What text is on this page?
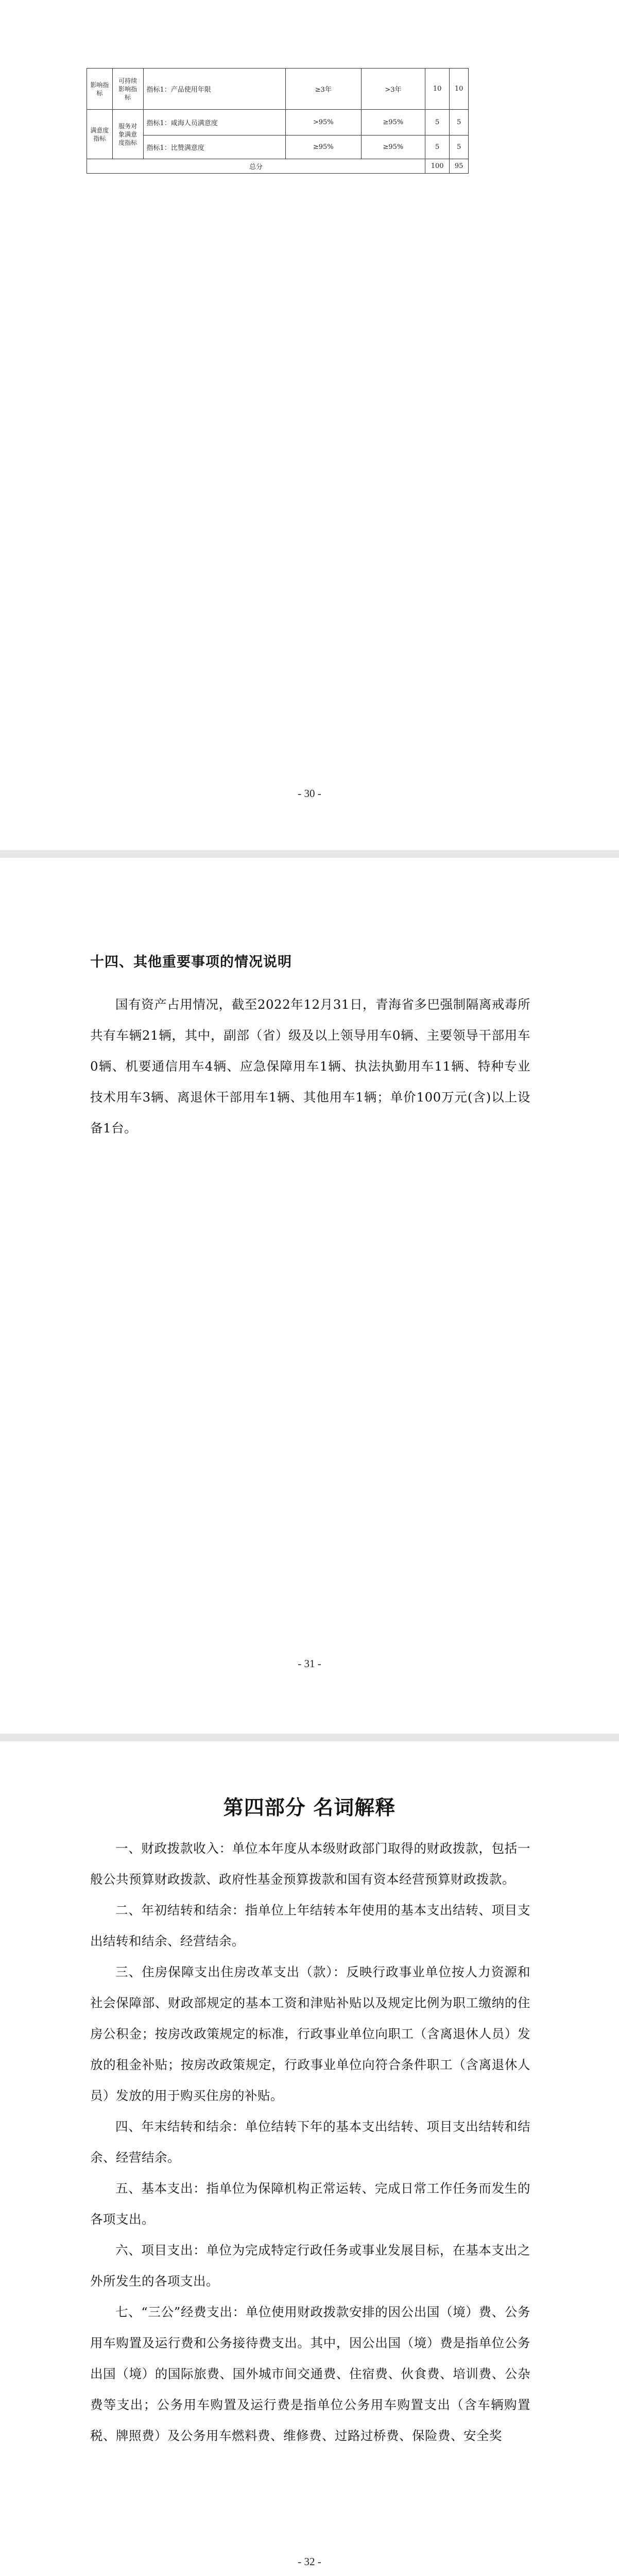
影响指标	可持续影响指标	指标1：产品使用年限	≥3年	>3年	10	10
满意度指标	服务对象满意度指标	指标1：咸海人员满意度	>95%	≥95%	5	5
		指标1：比赞满意度	≥95%	≥95%	5	5
总分					100	95
- 30 -
十四、其他重要事项的情况说明

国有资产占用情况，截至2022年12月31日，青海省多巴强制隔离戒毒所共有车辆21辆，其中，副部（省）级及以上领导用车0辆、主要领导干部用车0辆、机要通信用车4辆、应急保障用车1辆、执法执勤用车11辆、特种专业技术用车3辆、离退休干部用车1辆、其他用车1辆；单价100万元(含)以上设备1台。

- 31 -
第四部分 名词解释

一、财政拨款收入：单位本年度从本级财政部门取得的财政拨款，包括一般公共预算财政拨款、政府性基金预算拨款和国有资本经营预算财政拨款。

二、年初结转和结余：指单位上年结转本年使用的基本支出结转、项目支出结转和结余、经营结余。

三、住房保障支出住房改革支出（款）：反映行政事业单位按人力资源和社会保障部、财政部规定的基本工资和津贴补贴以及规定比例为职工缴纳的住房公积金；按房改政策规定的标准，行政事业单位向职工（含离退休人员）发放的租金补贴；按房改政策规定，行政事业单位向符合条件职工（含离退休人员）发放的用于购买住房的补贴。

四、年末结转和结余：单位结转下年的基本支出结转、项目支出结转和结余、经营结余。

五、基本支出：指单位为保障机构正常运转、完成日常工作任务而发生的各项支出。

六、项目支出：单位为完成特定行政任务或事业发展目标，在基本支出之外所发生的各项支出。

七、“三公”经费支出：单位使用财政拨款安排的因公出国（境）费、公务用车购置及运行费和公务接待费支出。其中，因公出国（境）费是指单位公务出国（境）的国际旅费、国外城市间交通费、住宿费、伙食费、培训费、公杂费等支出；公务用车购置及运行费是指单位公务用车购置支出（含车辆购置税、牌照费）及公务用车燃料费、维修费、过路过桥费、保险费、安全奖

- 32 -
